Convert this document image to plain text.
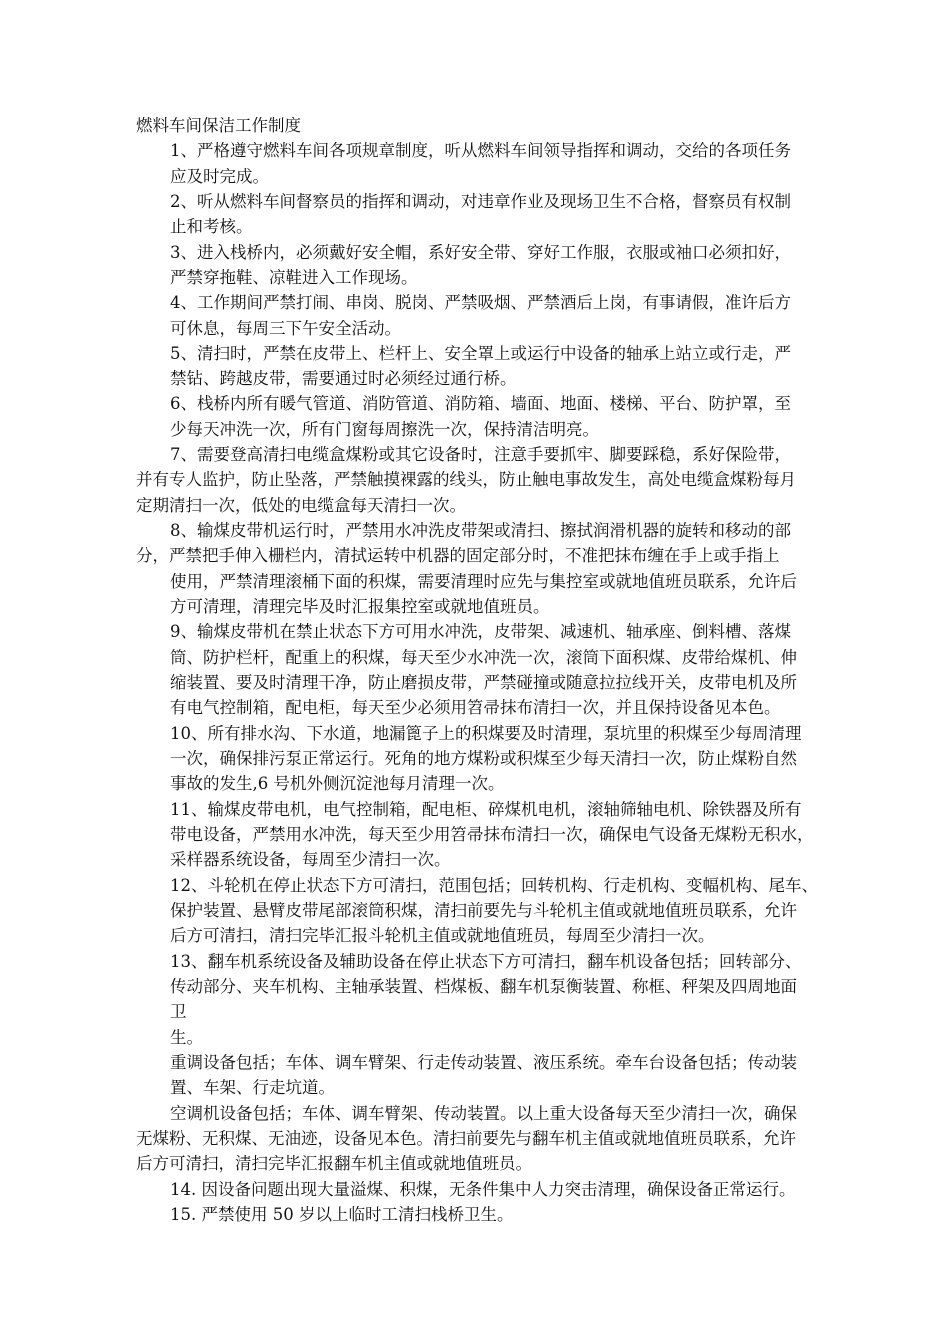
燃料车间保洁工作制度
1、严格遵守燃料车间各项规章制度，听从燃料车间领导指挥和调动，交给的各项任务
应及时完成。
2、听从燃料车间督察员的指挥和调动，对违章作业及现场卫生不合格，督察员有权制
止和考核。
3、进入栈桥内，必须戴好安全帽，系好安全带、穿好工作服，衣服或袖口必须扣好，
严禁穿拖鞋、凉鞋进入工作现场。
4、工作期间严禁打闹、串岗、脱岗、严禁吸烟、严禁酒后上岗，有事请假，准许后方
可休息，每周三下午安全活动。
5、清扫时，严禁在皮带上、栏杆上、安全罩上或运行中设备的轴承上站立或行走，严
禁钻、跨越皮带，需要通过时必须经过通行桥。
6、栈桥内所有暖气管道、消防管道、消防箱、墙面、地面、楼梯、平台、防护罩，至
少每天冲洗一次，所有门窗每周擦洗一次，保持清洁明亮。
7、需要登高清扫电缆盒煤粉或其它设备时，注意手要抓牢、脚要踩稳，系好保险带，
并有专人监护，防止坠落，严禁触摸裸露的线头，防止触电事故发生，高处电缆盒煤粉每月
定期清扫一次，低处的电缆盒每天清扫一次。
8、输煤皮带机运行时，严禁用水冲洗皮带架或清扫、擦拭润滑机器的旋转和移动的部
分，严禁把手伸入栅栏内，清拭运转中机器的固定部分时，不准把抹布缠在手上或手指上
使用，严禁清理滚桶下面的积煤，需要清理时应先与集控室或就地值班员联系，允许后
方可清理，清理完毕及时汇报集控室或就地值班员。
9、输煤皮带机在禁止状态下方可用水冲洗，皮带架、减速机、轴承座、倒料槽、落煤
筒、防护栏杆，配重上的积煤，每天至少水冲洗一次，滚筒下面积煤、皮带给煤机、伸
缩装置、要及时清理干净，防止磨损皮带，严禁碰撞或随意拉拉线开关，皮带电机及所
有电气控制箱，配电柜，每天至少必须用笤帚抹布清扫一次，并且保持设备见本色。
10、所有排水沟、下水道，地漏篦子上的积煤要及时清理，泵坑里的积煤至少每周清理
一次，确保排污泵正常运行。死角的地方煤粉或积煤至少每天清扫一次，防止煤粉自然
事故的发生,6 号机外侧沉淀池每月清理一次。
11、输煤皮带电机，电气控制箱，配电柜、碎煤机电机，滚轴筛轴电机、除铁器及所有
带电设备，严禁用水冲洗，每天至少用笤帚抹布清扫一次，确保电气设备无煤粉无积水，
采样器系统设备，每周至少清扫一次。
12、斗轮机在停止状态下方可清扫，范围包括；回转机构、行走机构、变幅机构、尾车、
保护装置、悬臂皮带尾部滚筒积煤，清扫前要先与斗轮机主值或就地值班员联系，允许
后方可清扫，清扫完毕汇报斗轮机主值或就地值班员，每周至少清扫一次。
13、翻车机系统设备及辅助设备在停止状态下方可清扫，翻车机设备包括；回转部分、
传动部分、夹车机构、主轴承装置、档煤板、翻车机泵衡装置、称框、秤架及四周地面
卫
生。
重调设备包括；车体、调车臂架、行走传动装置、液压系统。牵车台设备包括；传动装
置、车架、行走坑道。
空调机设备包括；车体、调车臂架、传动装置。以上重大设备每天至少清扫一次，确保
无煤粉、无积煤、无油迹，设备见本色。清扫前要先与翻车机主值或就地值班员联系，允许
后方可清扫，清扫完毕汇报翻车机主值或就地值班员。
14. 因设备问题出现大量溢煤、积煤，无条件集中人力突击清理，确保设备正常运行。
15. 严禁使用 50 岁以上临时工清扫栈桥卫生。
